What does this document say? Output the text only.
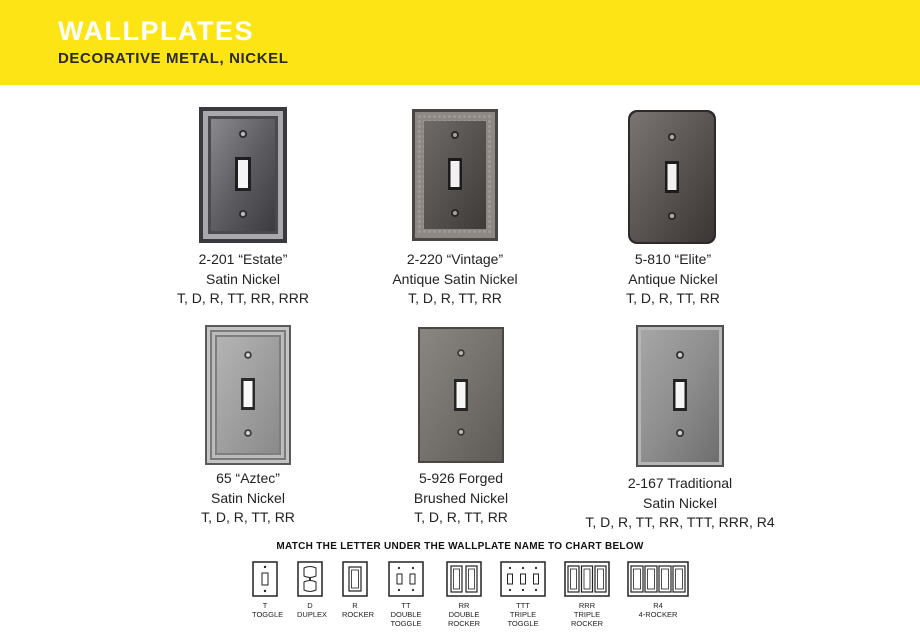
WALLPLATES
DECORATIVE METAL, NICKEL
2-201 “Estate”
Satin Nickel
T, D, R, TT, RR, RRR
2-220 “Vintage”
Antique Satin Nickel
T, D, R, TT, RR
5-810 “Elite”
Antique Nickel
T, D, R, TT, RR
65 “Aztec”
Satin Nickel
T, D, R, TT, RR
5-926 Forged
Brushed Nickel
T, D, R, TT, RR
2-167 Traditional
Satin Nickel
T, D, R, TT, RR, TTT, RRR, R4
MATCH THE LETTER UNDER THE WALLPLATE NAME TO CHART BELOW
T
TOGGLE
D
DUPLEX
R
ROCKER
TT
DOUBLE
TOGGLE
RR
DOUBLE
ROCKER
TTT
TRIPLE
TOGGLE
RRR
TRIPLE
ROCKER
R4
4-ROCKER
